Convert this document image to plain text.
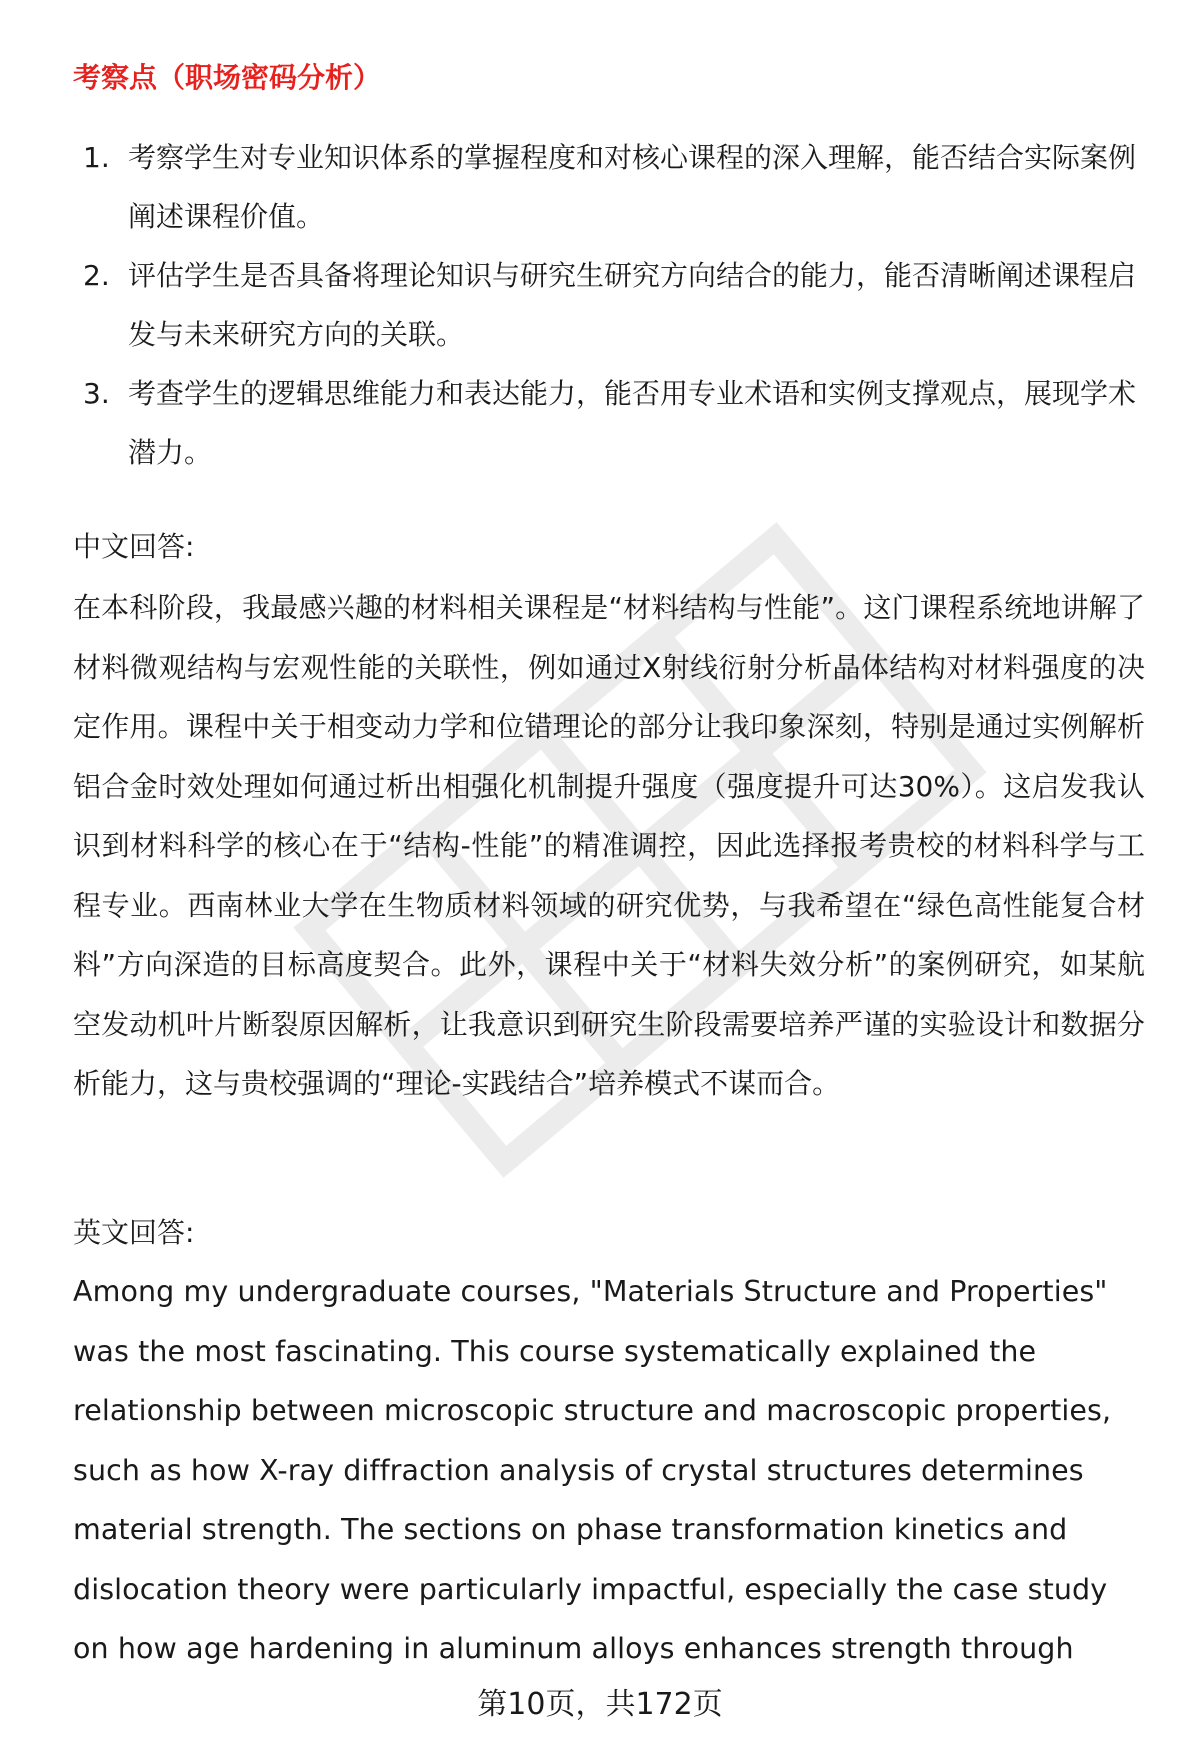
考察点（职场密码分析）
1. 考察学生对专业知识体系的掌握程度和对核心课程的深入理解，能否结合实际案例阐述课程价值。
2. 评估学生是否具备将理论知识与研究生研究方向结合的能力，能否清晰阐述课程启发与未来研究方向的关联。
3. 考查学生的逻辑思维能力和表达能力，能否用专业术语和实例支撑观点，展现学术潜力。

中文回答:

在本科阶段，我最感兴趣的材料相关课程是“材料结构与性能”。这门课程系统地讲解了材料微观结构与宏观性能的关联性，例如通过X射线衍射分析晶体结构对材料强度的决定作用。课程中关于相变动力学和位错理论的部分让我印象深刻，特别是通过实例解析铝合金时效处理如何通过析出相强化机制提升强度（强度提升可达30%）。这启发我认识到材料科学的核心在于“结构-性能”的精准调控，因此选择报考贵校的材料科学与工程专业。西南林业大学在生物质材料领域的研究优势，与我希望在“绿色高性能复合材料”方向深造的目标高度契合。此外，课程中关于“材料失效分析”的案例研究，如某航空发动机叶片断裂原因解析，让我意识到研究生阶段需要培养严谨的实验设计和数据分析能力，这与贵校强调的“理论-实践结合”培养模式不谋而合。

英文回答:

Among my undergraduate courses, "Materials Structure and Properties" was the most fascinating. This course systematically explained the relationship between microscopic structure and macroscopic properties, such as how X-ray diffraction analysis of crystal structures determines material strength. The sections on phase transformation kinetics and dislocation theory were particularly impactful, especially the case study on how age hardening in aluminum alloys enhances strength through

第10页，共172页
